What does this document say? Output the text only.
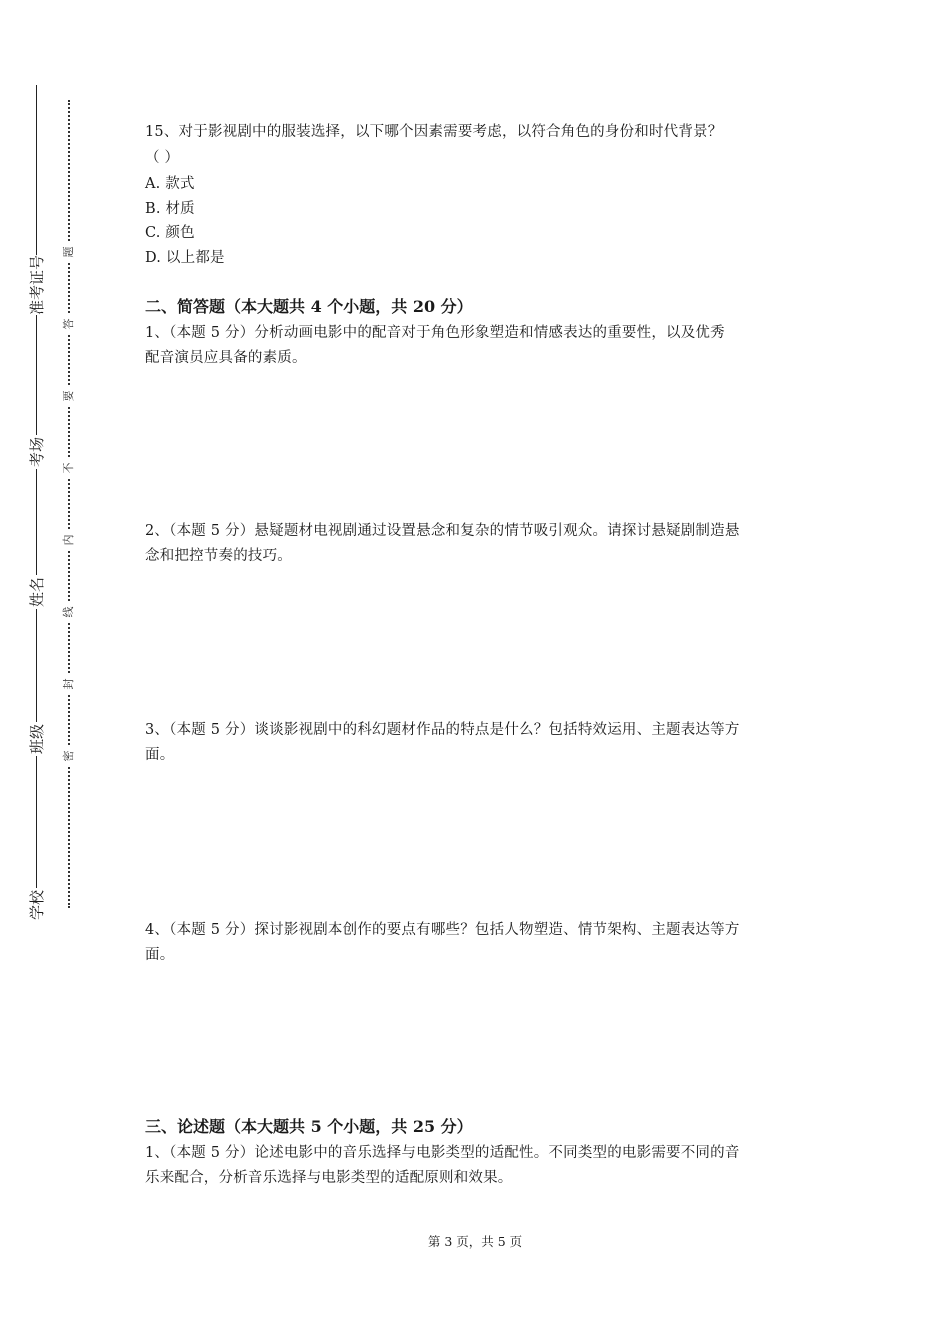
准考证号
考场
姓名
班级
学校
题
答
要
不
内
线
封
密
15、对于影视剧中的服装选择，以下哪个因素需要考虑，以符合角色的身份和时代背景？
（ ）
A. 款式
B. 材质
C. 颜色
D. 以上都是
二、简答题（本大题共 4 个小题，共 20 分）
1、（本题 5 分）分析动画电影中的配音对于角色形象塑造和情感表达的重要性，以及优秀
配音演员应具备的素质。
2、（本题 5 分）悬疑题材电视剧通过设置悬念和复杂的情节吸引观众。请探讨悬疑剧制造悬
念和把控节奏的技巧。
3、（本题 5 分）谈谈影视剧中的科幻题材作品的特点是什么？包括特效运用、主题表达等方
面。
4、（本题 5 分）探讨影视剧本创作的要点有哪些？包括人物塑造、情节架构、主题表达等方
面。
三、论述题（本大题共 5 个小题，共 25 分）
1、（本题 5 分）论述电影中的音乐选择与电影类型的适配性。不同类型的电影需要不同的音
乐来配合，分析音乐选择与电影类型的适配原则和效果。
第 3 页，共 5 页
